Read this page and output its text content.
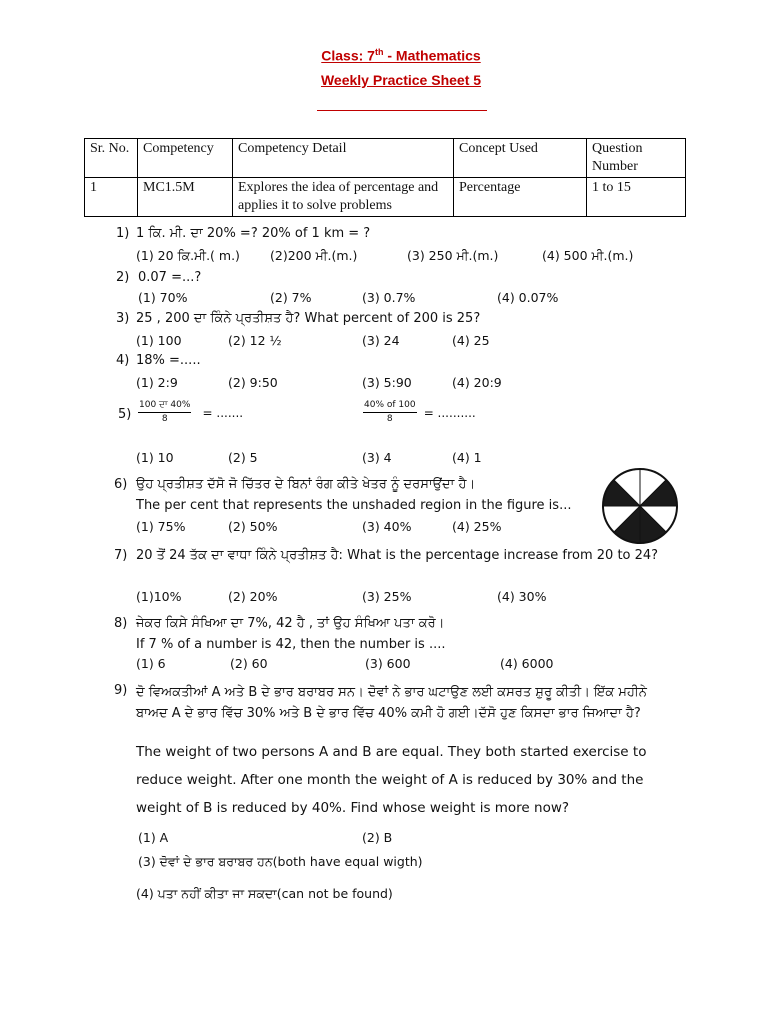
Class: 7th - Mathematics
Weekly Practice Sheet 5
Sr. No.	Competency	Competency Detail	Concept Used	Question Number
1	MC1.5M	Explores the idea of percentage and applies it to solve problems	Percentage	1 to 15
1) 1 ਕਿ. ਮੀ. ਦਾ 20% =? 20% of 1 km = ?
(1) 20 ਕਿ.ਮੀ.( m.) (2)200 ਮੀ.(m.)	(3) 250 ਮੀ.(m.)	(4) 500 ਮੀ.(m.)
2) 0.07 =...?
(1) 70%	(2) 7%	(3) 0.7%	(4) 0.07%
3) 25 , 200 ਦਾ ਕਿੰਨੇ ਪ੍ਰਤੀਸ਼ਤ ਹੈ? What percent of 200 is 25?
(1) 100	(2) 12 ½	(3) 24	(4) 25
4) 18% =.....
(1) 2:9	(2) 9:50	(3) 5:90	(4) 20:9
$5) \frac{\text{100 ਦਾ 40\%}}{8}$ = .......	$\frac{40\% of 100}{8}$ = ..........
(1) 10	(2) 5	(3) 4	(4) 1
6) ਉਹ ਪ੍ਰਤੀਸ਼ਤ ਦੱਸੋ ਜੋ ਚਿੱਤਰ ਦੇ ਬਿਨਾਂ ਰੰਗ ਕੀਤੇ ਖੇਤਰ ਨੂੰ ਦਰਸਾਉਂਦਾ ਹੈ।
The per cent that represents the unshaded region in the figure is...
(1) 75%	(2) 50%	(3) 40%	(4) 25%
7) 20 ਤੋਂ 24 ਤੱਕ ਦਾ ਵਾਧਾ ਕਿੰਨੇ ਪ੍ਰਤੀਸ਼ਤ ਹੈ: What is the percentage increase from 20 to 24?
(1)10%	(2) 20%	(3) 25%	(4) 30%
8) ਜੇਕਰ ਕਿਸੇ ਸੰਖਿਆ ਦਾ 7%, 42 ਹੈ , ਤਾਂ ਉਹ ਸੰਖਿਆ ਪਤਾ ਕਰੋ।
If 7 % of a number is 42, then the number is ....
(1) 6	(2) 60	(3) 600	(4) 6000
9) ਦੋ ਵਿਅਕਤੀਆਂ A ਅਤੇ B ਦੇ ਭਾਰ ਬਰਾਬਰ ਸਨ। ਦੋਵਾਂ ਨੇ ਭਾਰ ਘਟਾਉਣ ਲਈ ਕਸਰਤ ਸ਼ੁਰੂ ਕੀਤੀ। ਇੱਕ ਮਹੀਨੇ ਬਾਅਦ A ਦੇ ਭਾਰ ਵਿੱਚ 30% ਅਤੇ B ਦੇ ਭਾਰ ਵਿੱਚ 40% ਕਮੀ ਹੋ ਗਈ।ਦੱਸੋ ਹੁਣ ਕਿਸਦਾ ਭਾਰ ਜਿਆਦਾ ਹੈ?
The weight of two persons A and B are equal. They both started exercise to reduce weight. After one month the weight of A is reduced by 30% and the weight of B is reduced by 40%. Find whose weight is more now?
(1) A	(2) B
(3) ਦੋਵਾਂ ਦੇ ਭਾਰ ਬਰਾਬਰ ਹਨ(both have equal wigth)
(4) ਪਤਾ ਨਹੀਂ ਕੀਤਾ ਜਾ ਸਕਦਾ(can not be found)
